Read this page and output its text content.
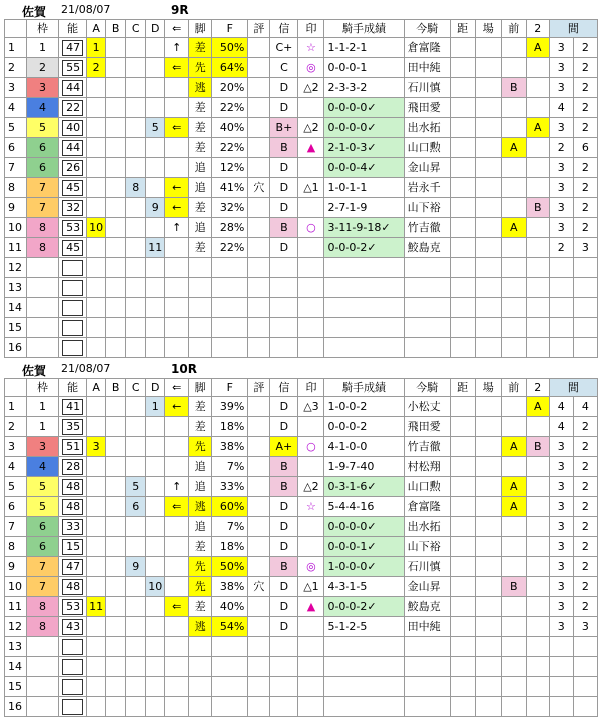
佐賀 21/08/07	9R
	枠	能	A	B	C	D	⇐	脚	F	評	信	印	騎手成績	今騎	距	場	前	2	間	
1	1	47	1				↑	差	50%		C+	☆	1-1-2-1	倉富隆				A	3	2
2	2	55	2				⇐	先	64%		C	◎	0-0-0-1	田中純					3	2
3	3	44						逃	20%		D	△2	2-3-3-2	石川慎			B		3	2
4	4	22						差	22%		D		0-0-0-0✓	飛田愛					4	2
5	5	40				5	⇐	差	40%		B+	△2	0-0-0-0✓	出水拓				A	3	2
6	6	44						差	22%		B	▲	2-1-0-3✓	山口勲			A		2	6
7	6	26						追	12%		D		0-0-0-4✓	金山昇					3	2
8	7	45			8		←	追	41%	穴	D	△1	1-0-1-1	岩永千					3	2
9	7	32				9	←	差	32%		D		2-7-1-9	山下裕				B	3	2
10	8	53	10				↑	追	28%		B	○	3-11-9-18✓	竹吉徹			A		3	2
11	8	45				11		差	22%		D		0-0-0-2✓	鮫島克					2	3
12		

13		

14		

15		

16		

佐賀 21/08/07	10R
	枠	能	A	B	C	D	⇐	脚	F	評	信	印	騎手成績	今騎	距	場	前	2	間	
1	1	41				1	←	差	39%		D	△3	1-0-0-2	小松丈				A	4	4
2	1	35						差	18%		D		0-0-0-2	飛田愛					4	2
3	3	51	3					先	38%		A+	○	4-1-0-0	竹吉徹			A	B	3	2
4	4	28						追	7%		B		1-9-7-40	村松翔					3	2
5	5	48			5		↑	追	33%		B	△2	0-3-1-6✓	山口勲			A		3	2
6	5	48			6		⇐	逃	60%		D	☆	5-4-4-16	倉富隆			A		3	2
7	6	33						追	7%		D		0-0-0-0✓	出水拓					3	2
8	6	15						差	18%		D		0-0-0-1✓	山下裕					3	2
9	7	47			9			先	50%		B	◎	1-0-0-0✓	石川慎					3	2
10	7	48				10		先	38%	穴	D	△1	4-3-1-5	金山昇			B		3	2
11	8	53	11				⇐	差	40%		D	▲	0-0-0-2✓	鮫島克					3	2
12	8	43						逃	54%		D		5-1-2-5	田中純					3	3
13		

14		

15		

16		
